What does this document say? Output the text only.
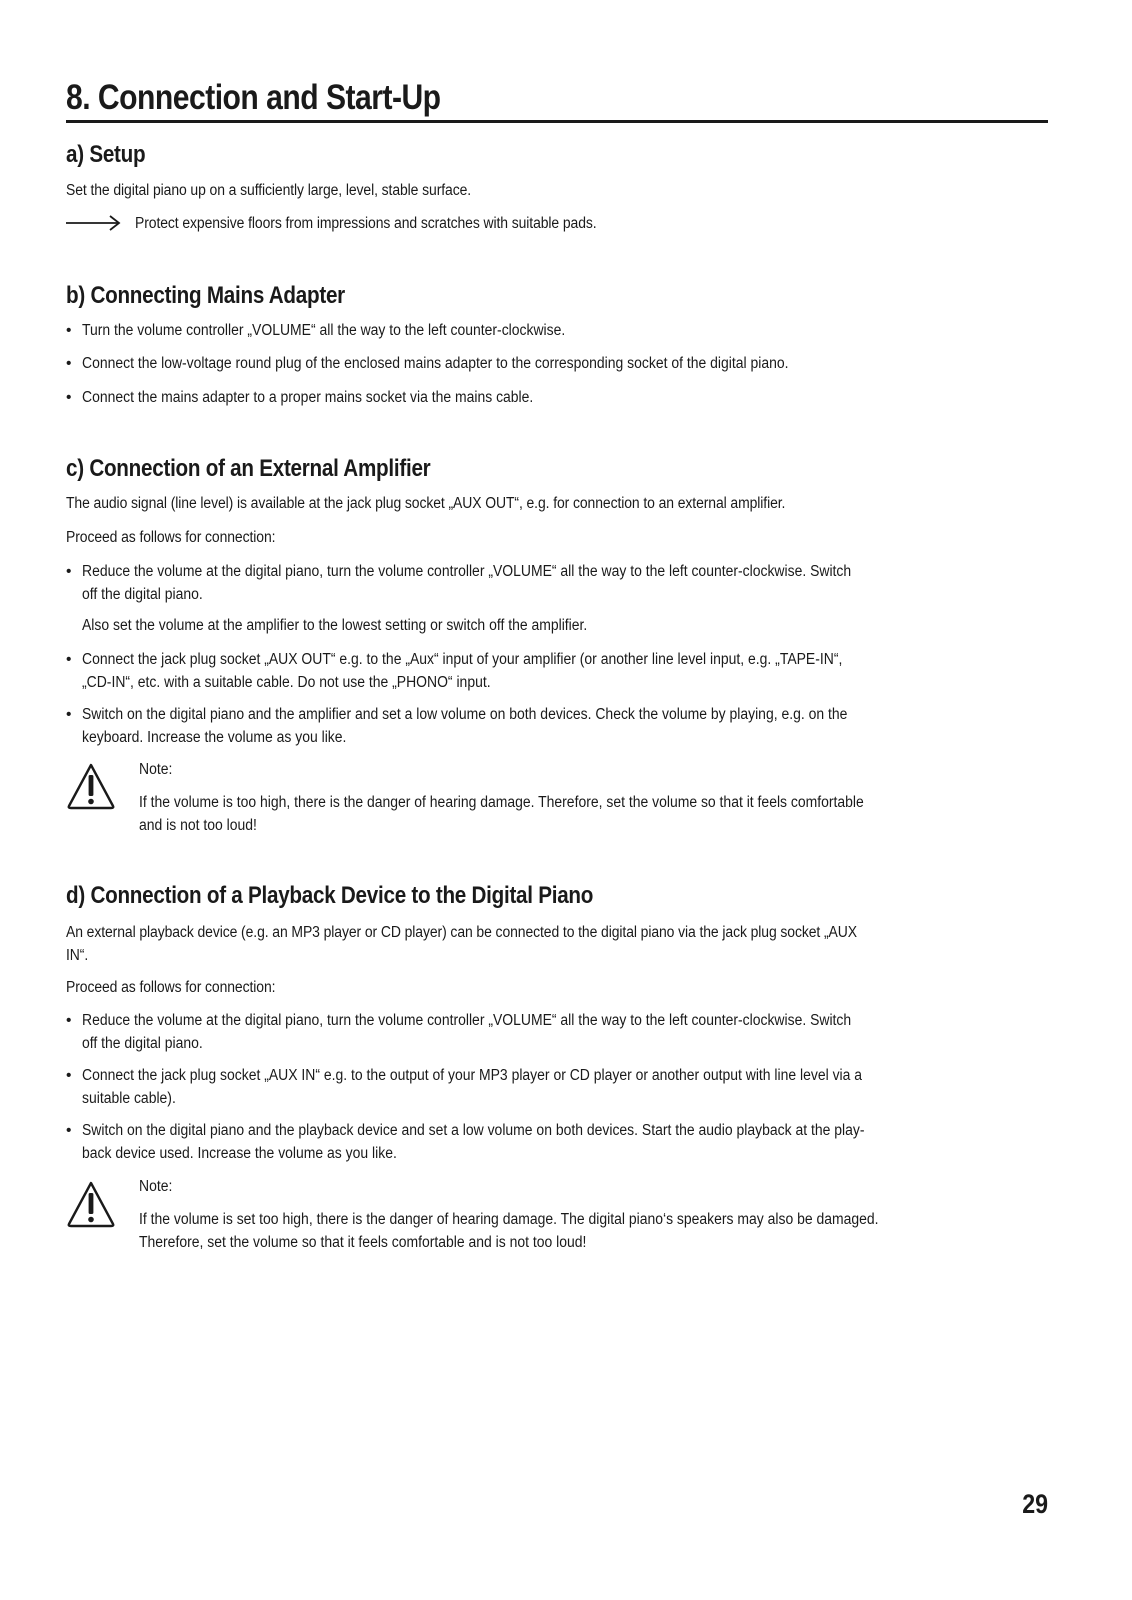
8. Connection and Start-Up
a) Setup
Set the digital piano up on a sufficiently large, level, stable surface.
Protect expensive floors from impressions and scratches with suitable pads.
b) Connecting Mains Adapter
• Turn the volume controller „VOLUME“ all the way to the left counter-clockwise.
• Connect the low-voltage round plug of the enclosed mains adapter to the corresponding socket of the digital piano.
• Connect the mains adapter to a proper mains socket via the mains cable.
c) Connection of an External Amplifier
The audio signal (line level) is available at the jack plug socket „AUX OUT“, e.g. for connection to an external amplifier.
Proceed as follows for connection:
• Reduce the volume at the digital piano, turn the volume controller „VOLUME“ all the way to the left counter-clockwise. Switch
off the digital piano.
Also set the volume at the amplifier to the lowest setting or switch off the amplifier.
• Connect the jack plug socket „AUX OUT“ e.g. to the „Aux“ input of your amplifier (or another line level input, e.g. „TAPE-IN“,
„CD-IN“, etc. with a suitable cable. Do not use the „PHONO“ input.
• Switch on the digital piano and the amplifier and set a low volume on both devices. Check the volume by playing, e.g. on the
keyboard. Increase the volume as you like.
Note:
If the volume is too high, there is the danger of hearing damage. Therefore, set the volume so that it feels comfortable
and is not too loud!
d) Connection of a Playback Device to the Digital Piano
An external playback device (e.g. an MP3 player or CD player) can be connected to the digital piano via the jack plug socket „AUX
IN“.
Proceed as follows for connection:
• Reduce the volume at the digital piano, turn the volume controller „VOLUME“ all the way to the left counter-clockwise. Switch
off the digital piano.
• Connect the jack plug socket „AUX IN“ e.g. to the output of your MP3 player or CD player or another output with line level via a
suitable cable).
• Switch on the digital piano and the playback device and set a low volume on both devices. Start the audio playback at the play-
back device used. Increase the volume as you like.
Note:
If the volume is set too high, there is the danger of hearing damage. The digital piano‘s speakers may also be damaged.
Therefore, set the volume so that it feels comfortable and is not too loud!
29
